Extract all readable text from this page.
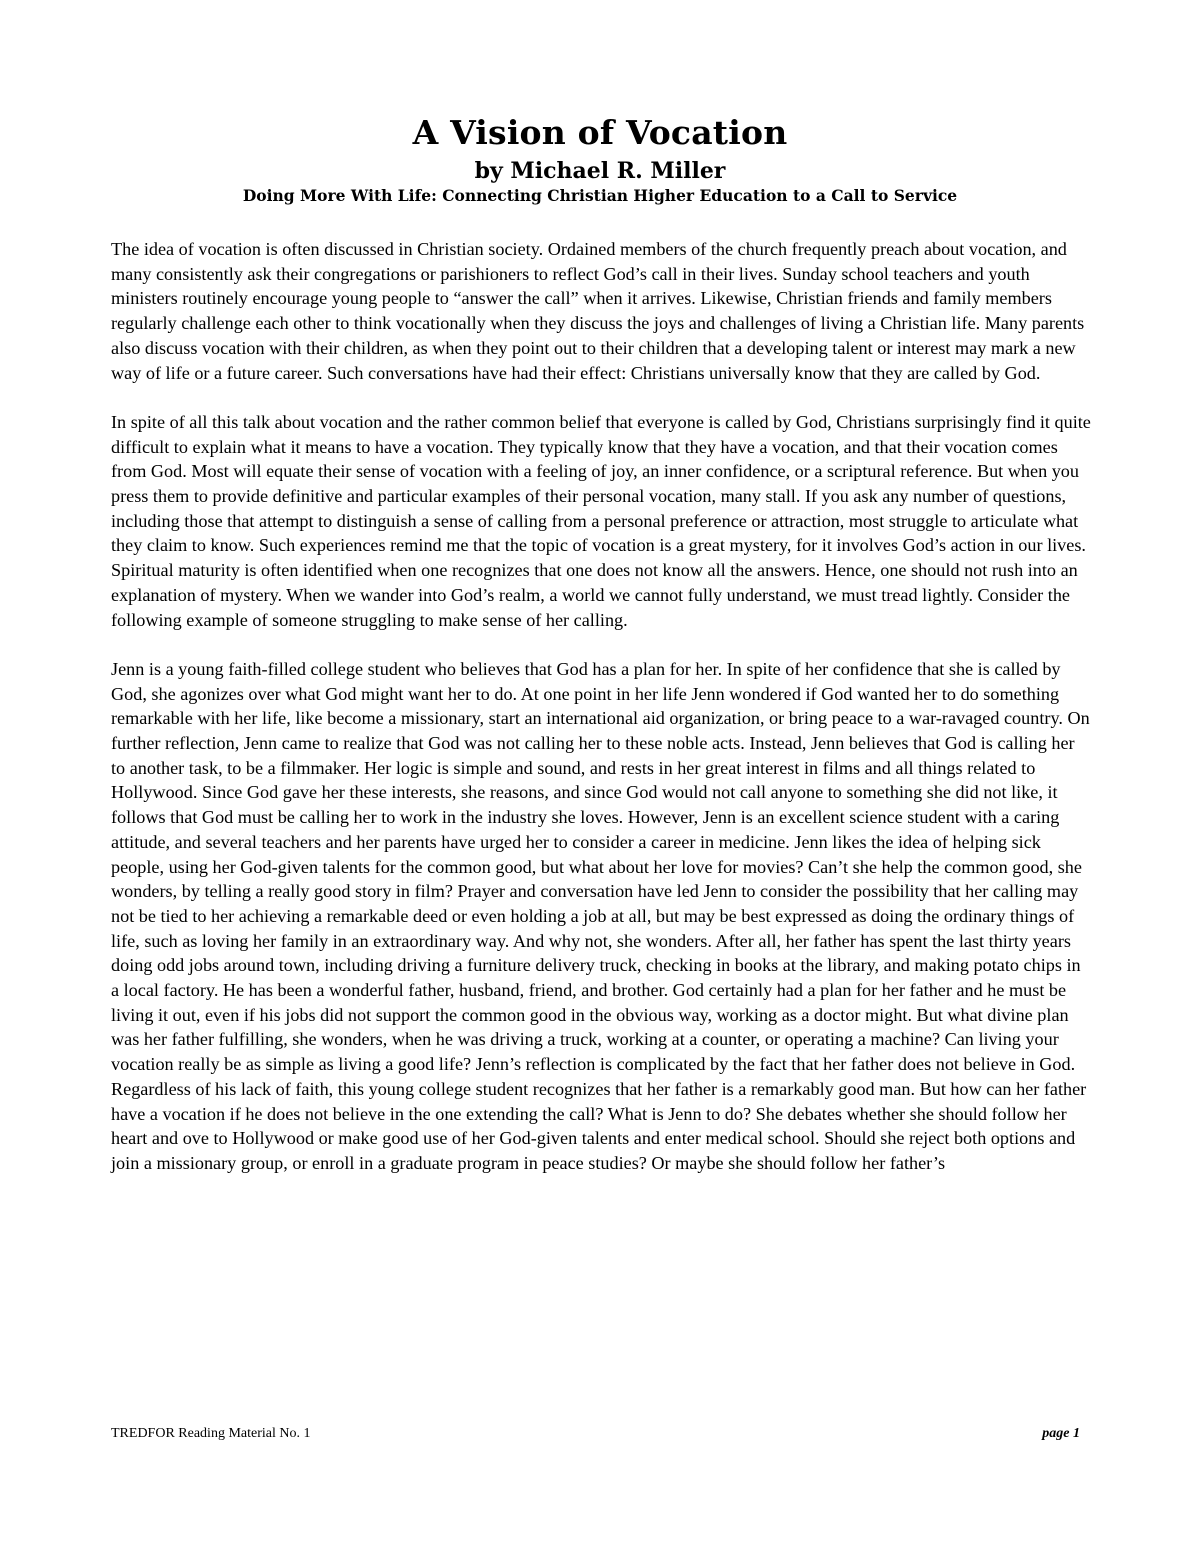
A Vision of Vocation
by Michael R. Miller
Doing More With Life: Connecting Christian Higher Education to a Call to Service

The idea of vocation is often discussed in Christian society. Ordained members of the church frequently preach about vocation, and many consistently ask their congregations or parishioners to reflect God’s call in their lives. Sunday school teachers and youth ministers routinely encourage young people to “answer the call” when it arrives. Likewise, Christian friends and family members regularly challenge each other to think vocationally when they discuss the joys and challenges of living a Christian life. Many parents also discuss vocation with their children, as when they point out to their children that a developing talent or interest may mark a new way of life or a future career. Such conversations have had their effect: Christians universally know that they are called by God.

In spite of all this talk about vocation and the rather common belief that everyone is called by God, Christians surprisingly find it quite difficult to explain what it means to have a vocation. They typically know that they have a vocation, and that their vocation comes from God. Most will equate their sense of vocation with a feeling of joy, an inner confidence, or a scriptural reference. But when you press them to provide definitive and particular examples of their personal vocation, many stall. If you ask any number of questions, including those that attempt to distinguish a sense of calling from a personal preference or attraction, most struggle to articulate what they claim to know. Such experiences remind me that the topic of vocation is a great mystery, for it involves God’s action in our lives. Spiritual maturity is often identified when one recognizes that one does not know all the answers. Hence, one should not rush into an explanation of mystery. When we wander into God’s realm, a world we cannot fully understand, we must tread lightly. Consider the following example of someone struggling to make sense of her calling.

Jenn is a young faith-filled college student who believes that God has a plan for her. In spite of her confidence that she is called by God, she agonizes over what God might want her to do. At one point in her life Jenn wondered if God wanted her to do something remarkable with her life, like become a missionary, start an international aid organization, or bring peace to a war-ravaged country. On further reflection, Jenn came to realize that God was not calling her to these noble acts. Instead, Jenn believes that God is calling her to another task, to be a filmmaker. Her logic is simple and sound, and rests in her great interest in films and all things related to Hollywood. Since God gave her these interests, she reasons, and since God would not call anyone to something she did not like, it follows that God must be calling her to work in the industry she loves. However, Jenn is an excellent science student with a caring attitude, and several teachers and her parents have urged her to consider a career in medicine. Jenn likes the idea of helping sick people, using her God-given talents for the common good, but what about her love for movies? Can’t she help the common good, she wonders, by telling a really good story in film? Prayer and conversation have led Jenn to consider the possibility that her calling may not be tied to her achieving a remarkable deed or even holding a job at all, but may be best expressed as doing the ordinary things of life, such as loving her family in an extraordinary way. And why not, she wonders. After all, her father has spent the last thirty years doing odd jobs around town, including driving a furniture delivery truck, checking in books at the library, and making potato chips in a local factory. He has been a wonderful father, husband, friend, and brother. God certainly had a plan for her father and he must be living it out, even if his jobs did not support the common good in the obvious way, working as a doctor might. But what divine plan was her father fulfilling, she wonders, when he was driving a truck, working at a counter, or operating a machine? Can living your vocation really be as simple as living a good life? Jenn’s reflection is complicated by the fact that her father does not believe in God. Regardless of his lack of faith, this young college student recognizes that her father is a remarkably good man. But how can her father have a vocation if he does not believe in the one extending the call? What is Jenn to do? She debates whether she should follow her heart and ove to Hollywood or make good use of her God-given talents and enter medical school. Should she reject both options and join a missionary group, or enroll in a graduate program in peace studies? Or maybe she should follow her father’s

TREDFOR Reading Material No. 1	page 1
